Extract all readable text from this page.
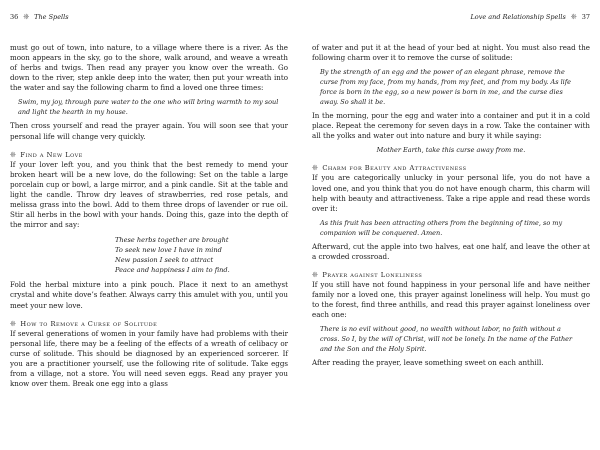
36 ❊ The Spells

must go out of town, into nature, to a village where there is a river. As the moon appears in the sky, go to the shore, walk around, and weave a wreath of herbs and twigs. Then read any prayer you know over the wreath. Go down to the river, step ankle deep into the water, then put your wreath into the water and say the following charm to find a loved one three times:

Swim, my joy, through pure water to the one who will bring warmth to my soul and light the hearth in my house.

Then cross yourself and read the prayer again. You will soon see that your personal life will change very quickly.

❊ Find a New Love

If your lover left you, and you think that the best remedy to mend your broken heart will be a new love, do the following: Set on the table a large porcelain cup or bowl, a large mirror, and a pink candle. Sit at the table and light the candle. Throw dry leaves of strawberries, red rose petals, and melissa grass into the bowl. Add to them three drops of lavender or rue oil. Stir all herbs in the bowl with your hands. Doing this, gaze into the depth of the mirror and say:

These herbs together are brought
To seek new love I have in mind
New passion I seek to attract
Peace and happiness I aim to find.

Fold the herbal mixture into a pink pouch. Place it next to an amethyst crystal and white dove’s feather. Always carry this amulet with you, until you meet your new love.

❊ How to Remove a Curse of Solitude

If several generations of women in your family have had problems with their personal life, there may be a feeling of the effects of a wreath of celibacy or curse of solitude. This should be diagnosed by an experienced sorcerer. If you are a practitioner yourself, use the following rite of solitude. Take eggs from a village, not a store. You will need seven eggs. Read any prayer you know over them. Break one egg into a glass

Love and Relationship Spells ❊ 37

of water and put it at the head of your bed at night. You must also read the following charm over it to remove the curse of solitude:

By the strength of an egg and the power of an elegant phrase, remove the curse from my face, from my hands, from my feet, and from my body. As life force is born in the egg, so a new power is born in me, and the curse dies away. So shall it be.

In the morning, pour the egg and water into a container and put it in a cold place. Repeat the ceremony for seven days in a row. Take the container with all the yolks and water out into nature and bury it while saying:

Mother Earth, take this curse away from me.
❊ Charm for Beauty and Attractiveness

If you are categorically unlucky in your personal life, you do not have a loved one, and you think that you do not have enough charm, this charm will help with beauty and attractiveness. Take a ripe apple and read these words over it:

As this fruit has been attracting others from the beginning of time, so my companion will be conquered. Amen.

Afterward, cut the apple into two halves, eat one half, and leave the other at a crowded crossroad.

❊ Prayer against Loneliness

If you still have not found happiness in your personal life and have neither family nor a loved one, this prayer against loneliness will help. You must go to the forest, find three anthills, and read this prayer against loneliness over each one:

There is no evil without good, no wealth without labor, no faith without a cross. So I, by the will of Christ, will not be lonely. In the name of the Father and the Son and the Holy Spirit.

After reading the prayer, leave something sweet on each anthill.
